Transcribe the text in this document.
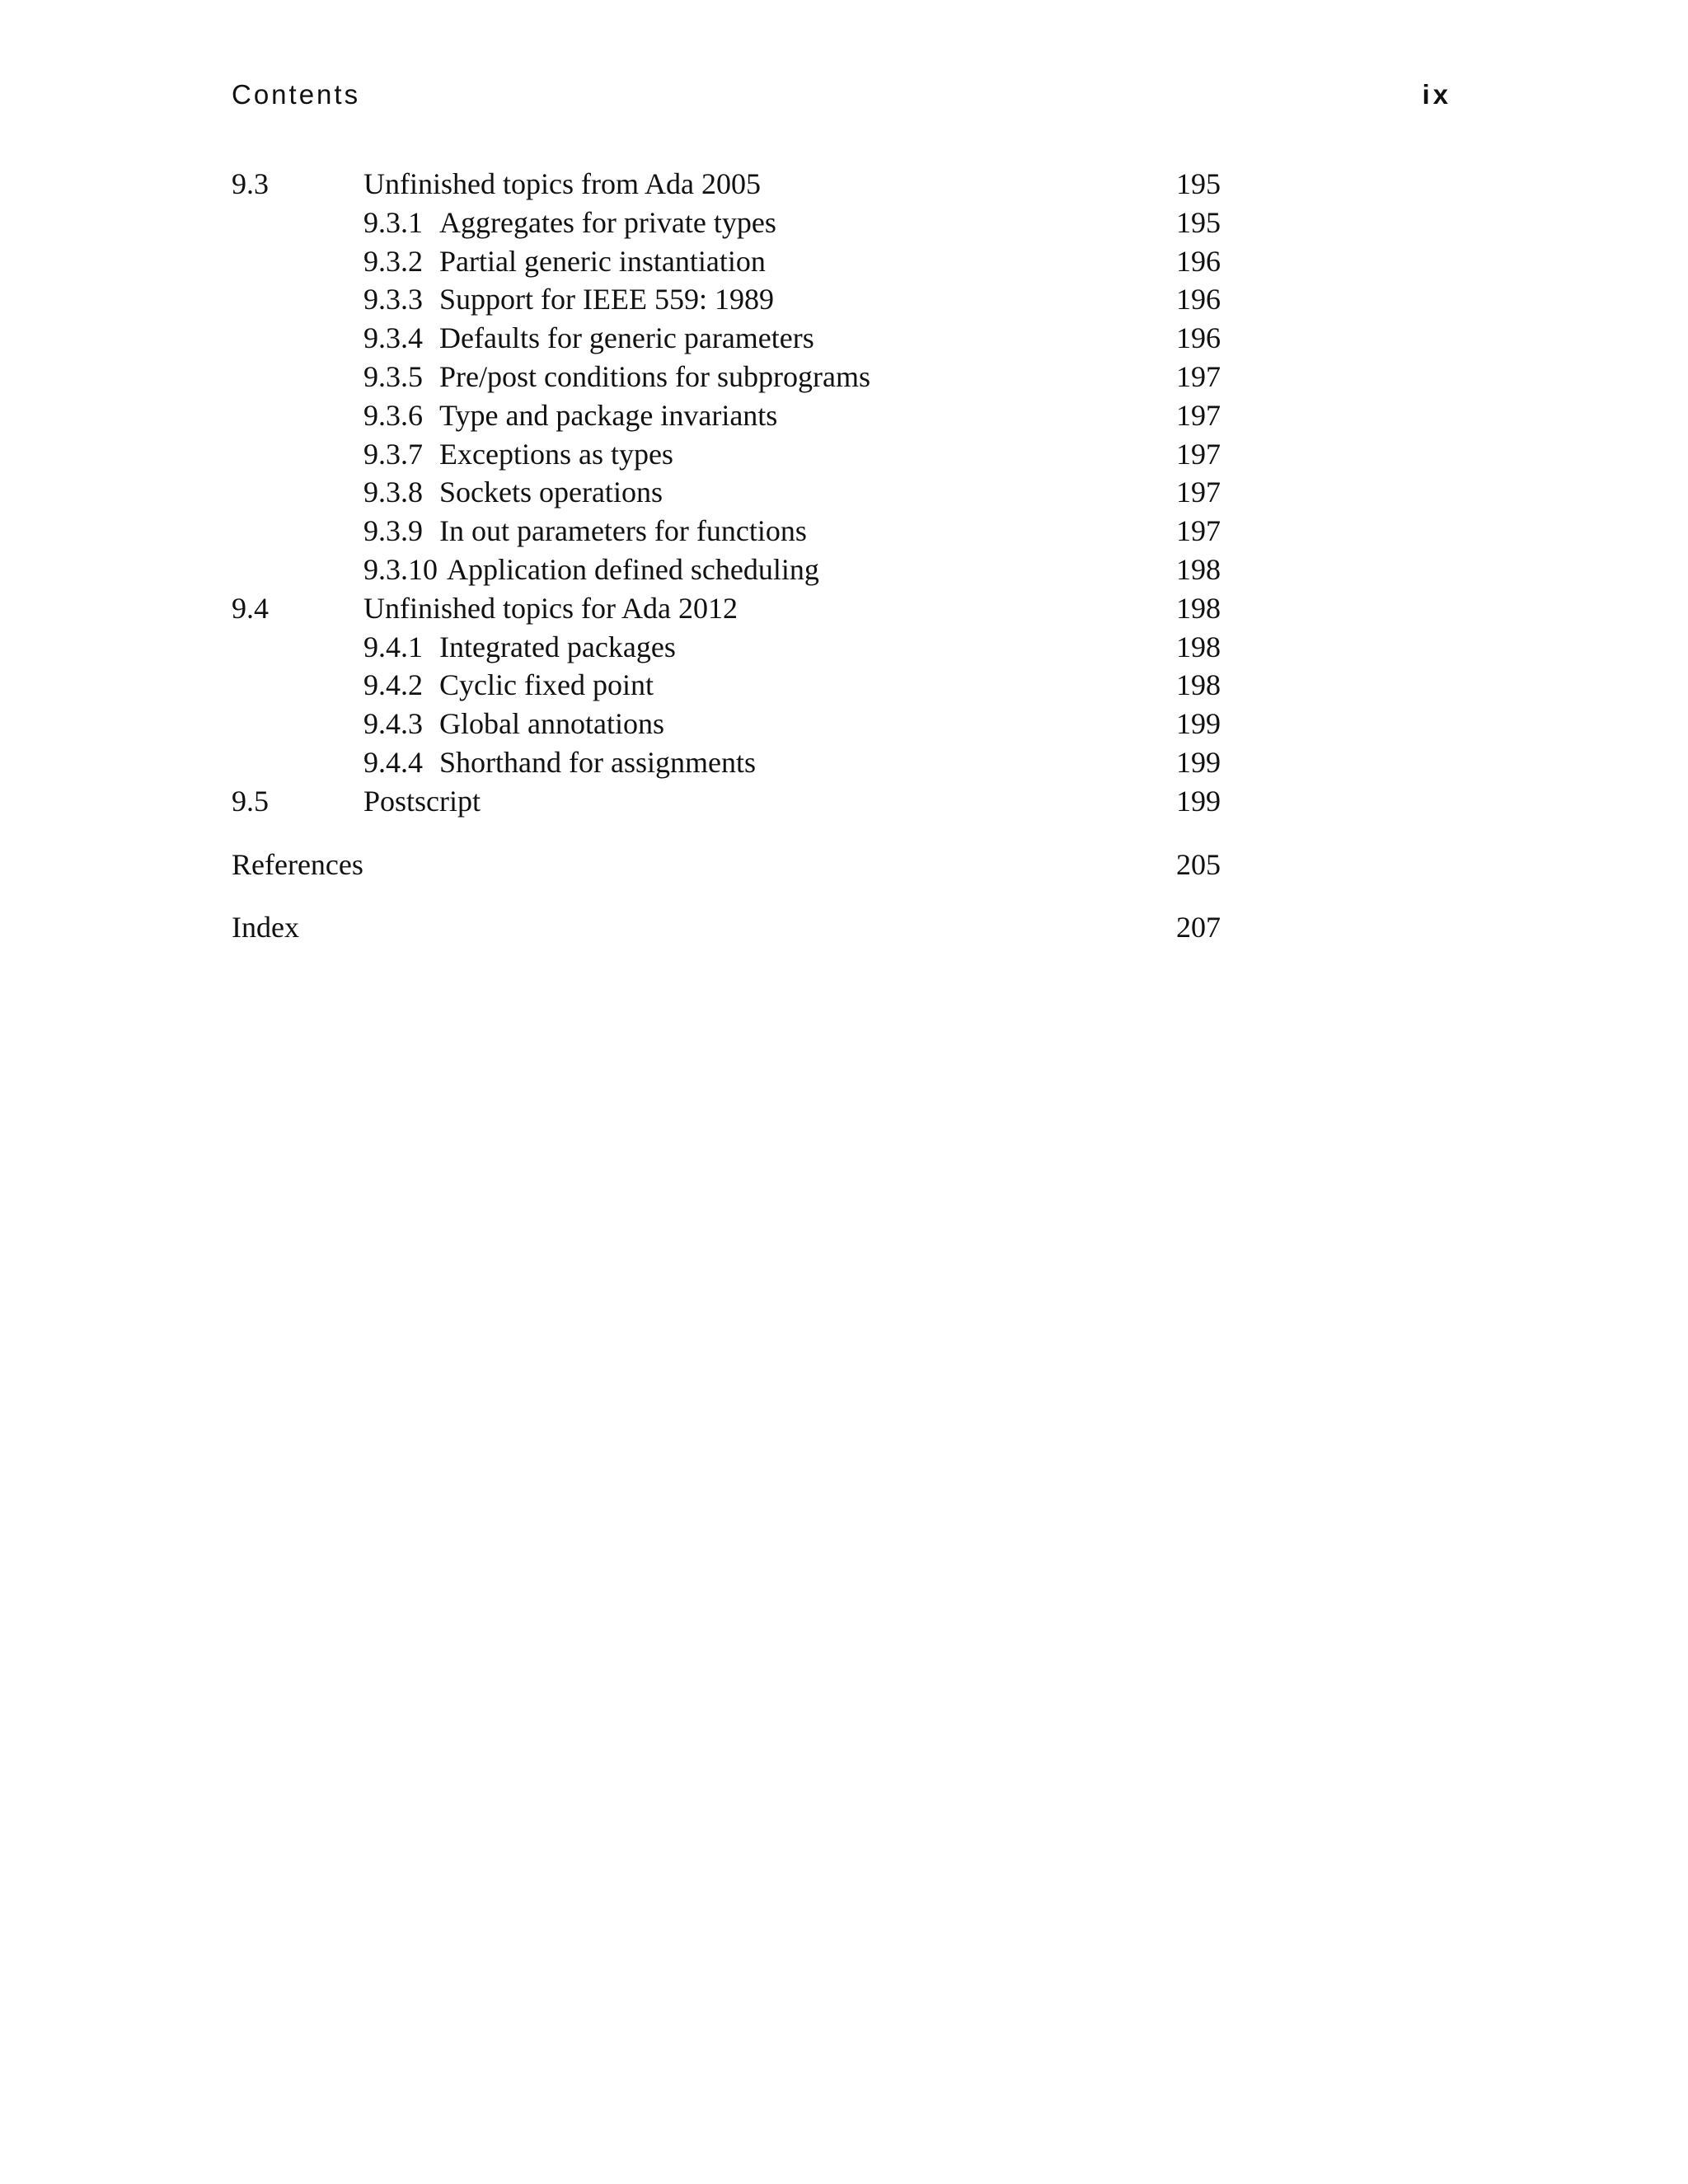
Contents	ix
9.3	Unfinished topics from Ada 2005	195
9.3.1 Aggregates for private types	195
9.3.2 Partial generic instantiation	196
9.3.3 Support for IEEE 559: 1989	196
9.3.4 Defaults for generic parameters	196
9.3.5 Pre/post conditions for subprograms	197
9.3.6 Type and package invariants	197
9.3.7 Exceptions as types	197
9.3.8 Sockets operations	197
9.3.9 In out parameters for functions	197
9.3.10 Application defined scheduling	198
9.4	Unfinished topics for Ada 2012	198
9.4.1 Integrated packages	198
9.4.2 Cyclic fixed point	198
9.4.3 Global annotations	199
9.4.4 Shorthand for assignments	199
9.5	Postscript	199
References	205
Index	207
